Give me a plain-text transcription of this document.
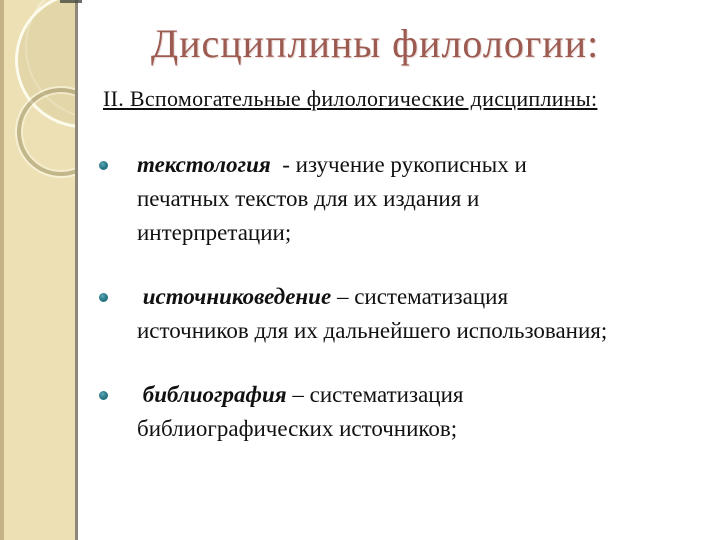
Дисциплины филологии:
II. Вспомогательные филологические дисциплины:
текстология  - изучение рукописных и
печатных текстов для их издания и
интерпретации;
источниковедение – систематизация
источников для их дальнейшего использования;
библиография – систематизация
библиографических источников;
